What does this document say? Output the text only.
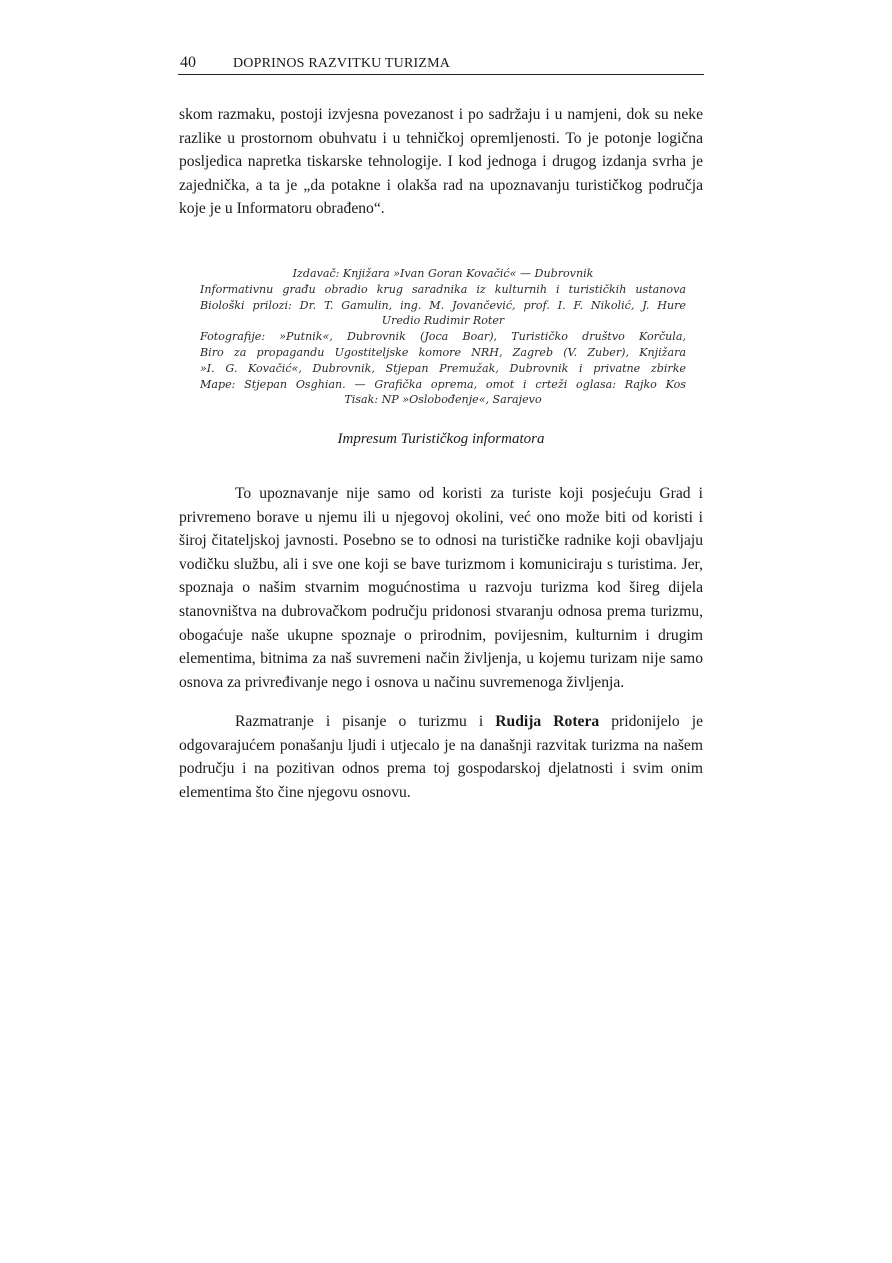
40	DOPRINOS RAZVITKU TURIZMA

skom razmaku, postoji izvjesna povezanost i po sadržaju i u namjeni, dok su neke razlike u prostornom obuhvatu i u tehničkoj opremljenosti. To je potonje logična posljedica napretka tiskarske tehnologije. I kod jednoga i drugog izdanja svrha je zajednička, a ta je „da potakne i olakša rad na upoznavanju turističkog područja koje je u Informatoru obrađeno“.

Izdavač: Knjižara »Ivan Goran Kovačić« — Dubrovnik
Informativnu građu obradio krug saradnika iz kulturnih i turističkih ustanova
Biološki prilozi: Dr. T. Gamulin, ing. M. Jovančević, prof. I. F. Nikolić, J. Hure
Uredio Rudimir Roter
Fotografije: »Putnik«, Dubrovnik (Joca Boar), Turističko društvo Korčula,
Biro za propagandu Ugostiteljske komore NRH, Zagreb (V. Zuber), Knjižara
»I. G. Kovačić«, Dubrovnik, Stjepan Premužak, Dubrovnik i privatne zbirke
Mape: Stjepan Osghian. — Grafička oprema, omot i crteži oglasa: Rajko Kos
Tisak: NP »Oslobođenje«, Sarajevo
Impresum Turističkog informatora

To upoznavanje nije samo od koristi za turiste koji posjećuju Grad i privremeno borave u njemu ili u njegovoj okolini, već ono može biti od koristi i široj čitateljskoj javnosti. Posebno se to odnosi na turističke radnike koji obavljaju vodičku službu, ali i sve one koji se bave turizmom i komuniciraju s turistima. Jer, spoznaja o našim stvarnim mogućnostima u razvoju turizma kod šireg dijela stanovništva na dubrovačkom području pridonosi stvaranju odnosa prema turizmu, obogaćuje naše ukupne spoznaje o prirodnim, povijesnim, kulturnim i drugim elementima, bitnima za naš suvremeni način življenja, u kojemu turizam nije samo osnova za privređivanje nego i osnova u načinu suvremenoga življenja.

Razmatranje i pisanje o turizmu i Rudija Rotera pridonijelo je odgovarajućem ponašanju ljudi i utjecalo je na današnji razvitak turizma na našem području i na pozitivan odnos prema toj gospodarskoj djelatnosti i svim onim elementima što čine njegovu osnovu.
